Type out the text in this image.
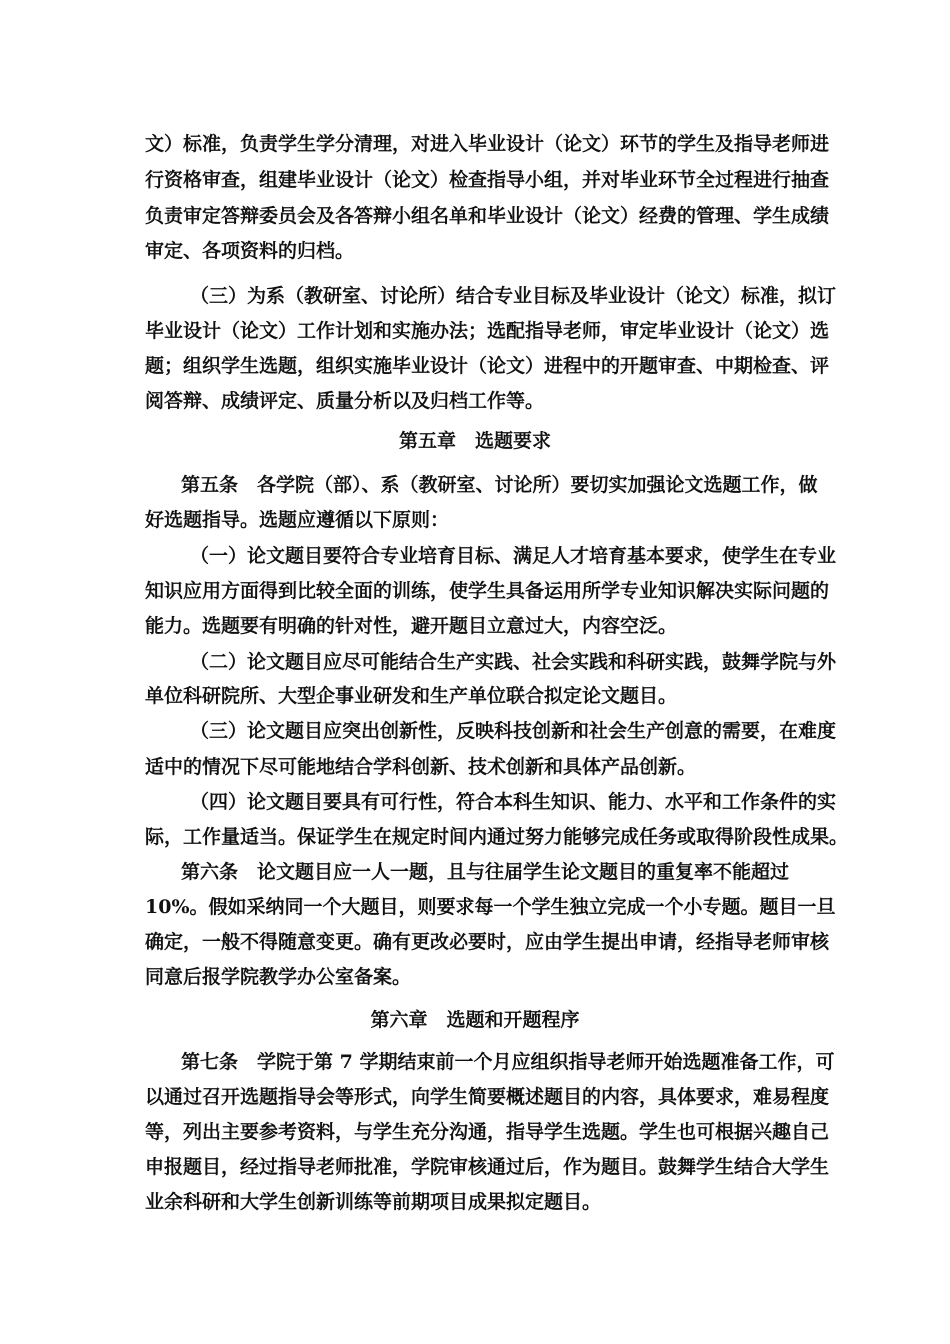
文）标准，负责学生学分清理，对进入毕业设计（论文）环节的学生及指导老师进
行资格审查，组建毕业设计（论文）检查指导小组，并对毕业环节全过程进行抽查
负责审定答辩委员会及各答辩小组名单和毕业设计（论文）经费的管理、学生成绩
审定、各项资料的归档。
（三）为系（教研室、讨论所）结合专业目标及毕业设计（论文）标准，拟订
毕业设计（论文）工作计划和实施办法；选配指导老师，审定毕业设计（论文）选
题；组织学生选题，组织实施毕业设计（论文）进程中的开题审查、中期检查、评
阅答辩、成绩评定、质量分析以及归档工作等。
第五章　选题要求
第五条　各学院（部）、系（教研室、讨论所）要切实加强论文选题工作，做
好选题指导。选题应遵循以下原则：
（一）论文题目要符合专业培育目标、满足人才培育基本要求，使学生在专业
知识应用方面得到比较全面的训练，使学生具备运用所学专业知识解决实际问题的
能力。选题要有明确的针对性，避开题目立意过大，内容空泛。
（二）论文题目应尽可能结合生产实践、社会实践和科研实践，鼓舞学院与外
单位科研院所、大型企事业研发和生产单位联合拟定论文题目。
（三）论文题目应突出创新性，反映科技创新和社会生产创意的需要，在难度
适中的情况下尽可能地结合学科创新、技术创新和具体产品创新。
（四）论文题目要具有可行性，符合本科生知识、能力、水平和工作条件的实
际，工作量适当。保证学生在规定时间内通过努力能够完成任务或取得阶段性成果。
第六条　论文题目应一人一题，且与往届学生论文题目的重复率不能超过
10%。假如采纳同一个大题目，则要求每一个学生独立完成一个小专题。题目一旦
确定，一般不得随意变更。确有更改必要时，应由学生提出申请，经指导老师审核
同意后报学院教学办公室备案。
第六章　选题和开题程序
第七条　学院于第 7 学期结束前一个月应组织指导老师开始选题准备工作，可
以通过召开选题指导会等形式，向学生简要概述题目的内容，具体要求，难易程度
等，列出主要参考资料，与学生充分沟通，指导学生选题。学生也可根据兴趣自己
申报题目，经过指导老师批准，学院审核通过后，作为题目。鼓舞学生结合大学生
业余科研和大学生创新训练等前期项目成果拟定题目。
